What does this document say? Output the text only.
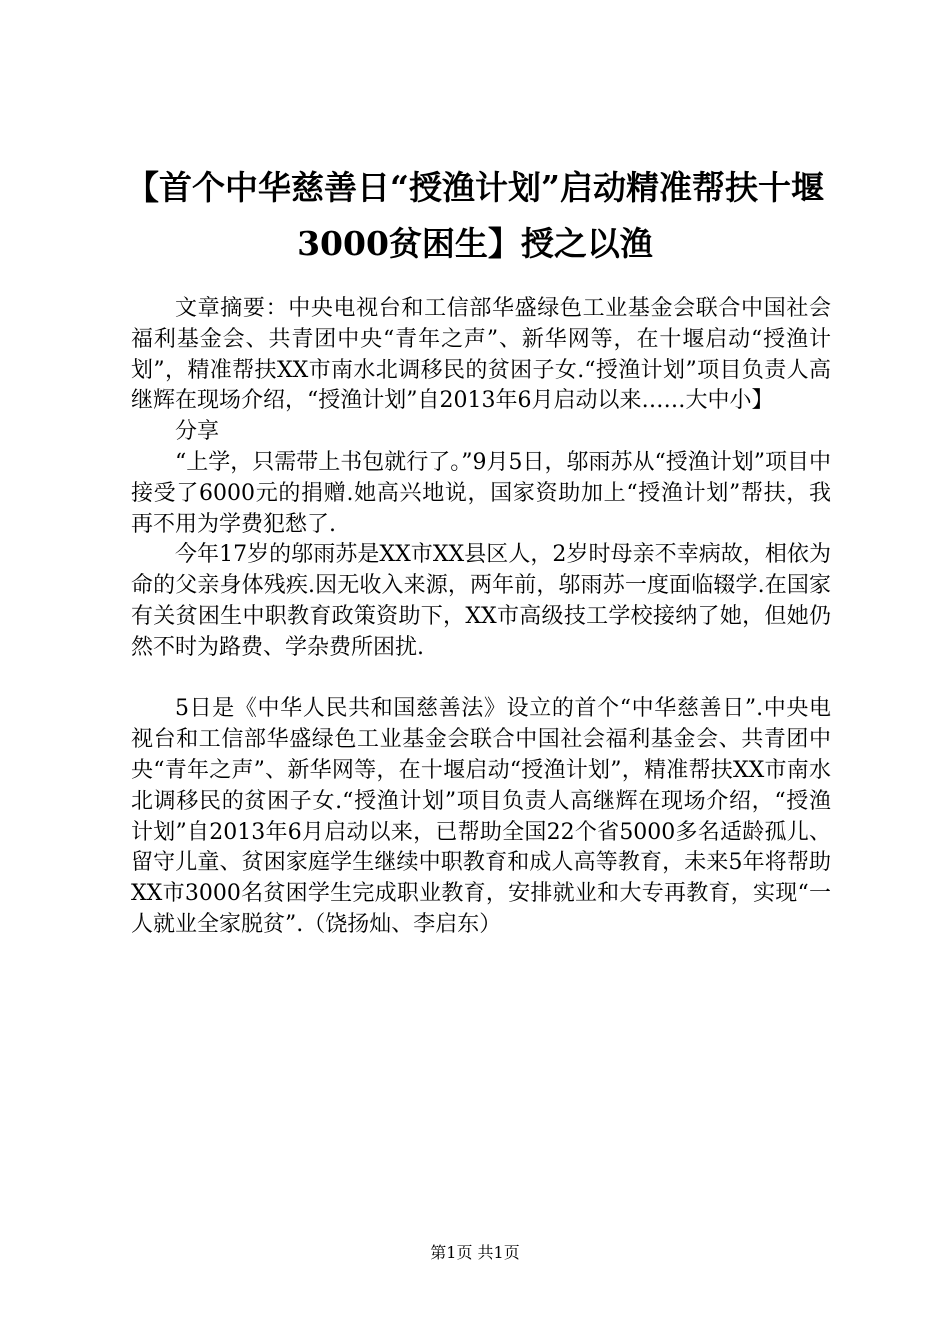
【首个中华慈善日“授渔计划”启动精准帮扶十堰3000贫困生】授之以渔

文章摘要：中央电视台和工信部华盛绿色工业基金会联合中国社会福利基金会、共青团中央“青年之声”、新华网等，在十堰启动“授渔计划”，精准帮扶XX市南水北调移民的贫困子女.“授渔计划”项目负责人高继辉在现场介绍，“授渔计划”自2013年6月启动以来……大中小】

分享

“上学，只需带上书包就行了。”9月5日，邬雨苏从“授渔计划”项目中接受了6000元的捐赠.她高兴地说，国家资助加上“授渔计划”帮扶，我再不用为学费犯愁了.

今年17岁的邬雨苏是XX市XX县区人，2岁时母亲不幸病故，相依为命的父亲身体残疾.因无收入来源，两年前，邬雨苏一度面临辍学.在国家有关贫困生中职教育政策资助下，XX市高级技工学校接纳了她，但她仍然不时为路费、学杂费所困扰.

5日是《中华人民共和国慈善法》设立的首个“中华慈善日”.中央电视台和工信部华盛绿色工业基金会联合中国社会福利基金会、共青团中央“青年之声”、新华网等，在十堰启动“授渔计划”，精准帮扶XX市南水北调移民的贫困子女.“授渔计划”项目负责人高继辉在现场介绍，“授渔计划”自2013年6月启动以来，已帮助全国22个省5000多名适龄孤儿、留守儿童、贫困家庭学生继续中职教育和成人高等教育，未来5年将帮助XX市3000名贫困学生完成职业教育，安排就业和大专再教育，实现“一人就业全家脱贫”.（饶扬灿、李启东）

第1页 共1页
